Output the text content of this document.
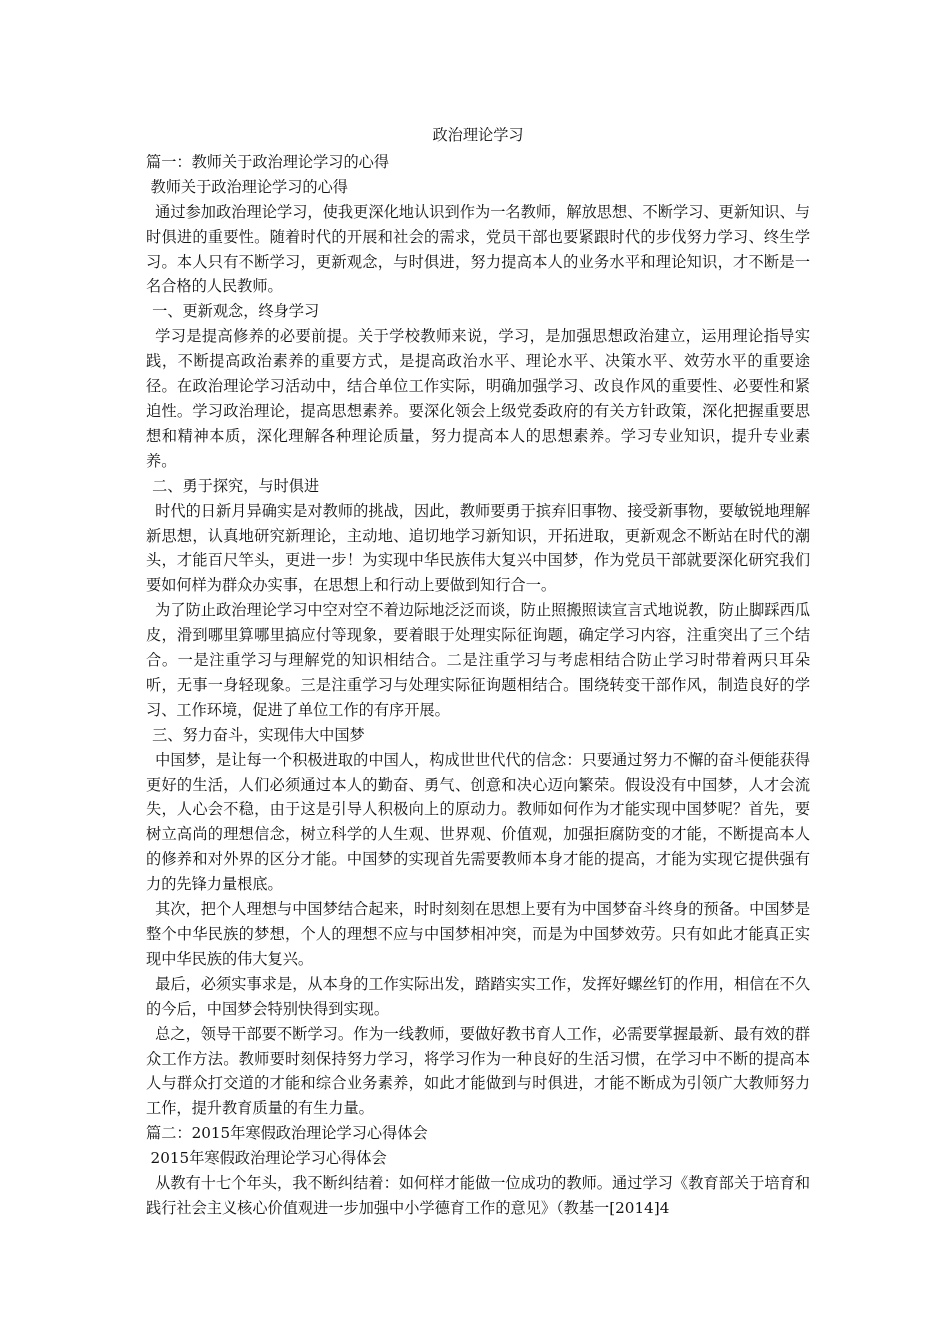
政治理论学习

篇一：教师关于政治理论学习的心得

教师关于政治理论学习的心得

通过参加政治理论学习，使我更深化地认识到作为一名教师，解放思想、不断学习、更新知识、与时俱进的重要性。随着时代的开展和社会的需求，党员干部也要紧跟时代的步伐努力学习、终生学习。本人只有不断学习，更新观念，与时俱进，努力提高本人的业务水平和理论知识，才不断是一名合格的人民教师。

一、更新观念，终身学习

学习是提高修养的必要前提。关于学校教师来说，学习，是加强思想政治建立，运用理论指导实践，不断提高政治素养的重要方式，是提高政治水平、理论水平、决策水平、效劳水平的重要途径。在政治理论学习活动中，结合单位工作实际，明确加强学习、改良作风的重要性、必要性和紧迫性。学习政治理论，提高思想素养。要深化领会上级党委政府的有关方针政策，深化把握重要思想和精神本质，深化理解各种理论质量，努力提高本人的思想素养。学习专业知识，提升专业素养。

二、勇于探究，与时俱进

时代的日新月异确实是对教师的挑战，因此，教师要勇于摈弃旧事物、接受新事物，要敏锐地理解新思想，认真地研究新理论，主动地、追切地学习新知识，开拓进取，更新观念不断站在时代的潮头，才能百尺竿头，更进一步！为实现中华民族伟大复兴中国梦，作为党员干部就要深化研究我们要如何样为群众办实事，在思想上和行动上要做到知行合一。

为了防止政治理论学习中空对空不着边际地泛泛而谈，防止照搬照读宣言式地说教，防止脚踩西瓜皮，滑到哪里算哪里搞应付等现象，要着眼于处理实际征询题，确定学习内容，注重突出了三个结合。一是注重学习与理解党的知识相结合。二是注重学习与考虑相结合防止学习时带着两只耳朵听，无事一身轻现象。三是注重学习与处理实际征询题相结合。围绕转变干部作风，制造良好的学习、工作环境，促进了单位工作的有序开展。

三、努力奋斗，实现伟大中国梦

中国梦，是让每一个积极进取的中国人，构成世世代代的信念：只要通过努力不懈的奋斗便能获得更好的生活，人们必须通过本人的勤奋、勇气、创意和决心迈向繁荣。假设没有中国梦，人才会流失，人心会不稳，由于这是引导人积极向上的原动力。教师如何作为才能实现中国梦呢？首先，要树立高尚的理想信念，树立科学的人生观、世界观、价值观，加强拒腐防变的才能，不断提高本人的修养和对外界的区分才能。中国梦的实现首先需要教师本身才能的提高，才能为实现它提供强有力的先锋力量根底。

其次，把个人理想与中国梦结合起来，时时刻刻在思想上要有为中国梦奋斗终身的预备。中国梦是整个中华民族的梦想，个人的理想不应与中国梦相冲突，而是为中国梦效劳。只有如此才能真正实现中华民族的伟大复兴。

最后，必须实事求是，从本身的工作实际出发，踏踏实实工作，发挥好螺丝钉的作用，相信在不久的今后，中国梦会特别快得到实现。

总之，领导干部要不断学习。作为一线教师，要做好教书育人工作，必需要掌握最新、最有效的群众工作方法。教师要时刻保持努力学习，将学习作为一种良好的生活习惯，在学习中不断的提高本人与群众打交道的才能和综合业务素养，如此才能做到与时俱进，才能不断成为引领广大教师努力工作，提升教育质量的有生力量。

篇二：2015年寒假政治理论学习心得体会

2015年寒假政治理论学习心得体会

从教有十七个年头，我不断纠结着：如何样才能做一位成功的教师。通过学习《教育部关于培育和践行社会主义核心价值观进一步加强中小学德育工作的意见》（教基一[2014]4
